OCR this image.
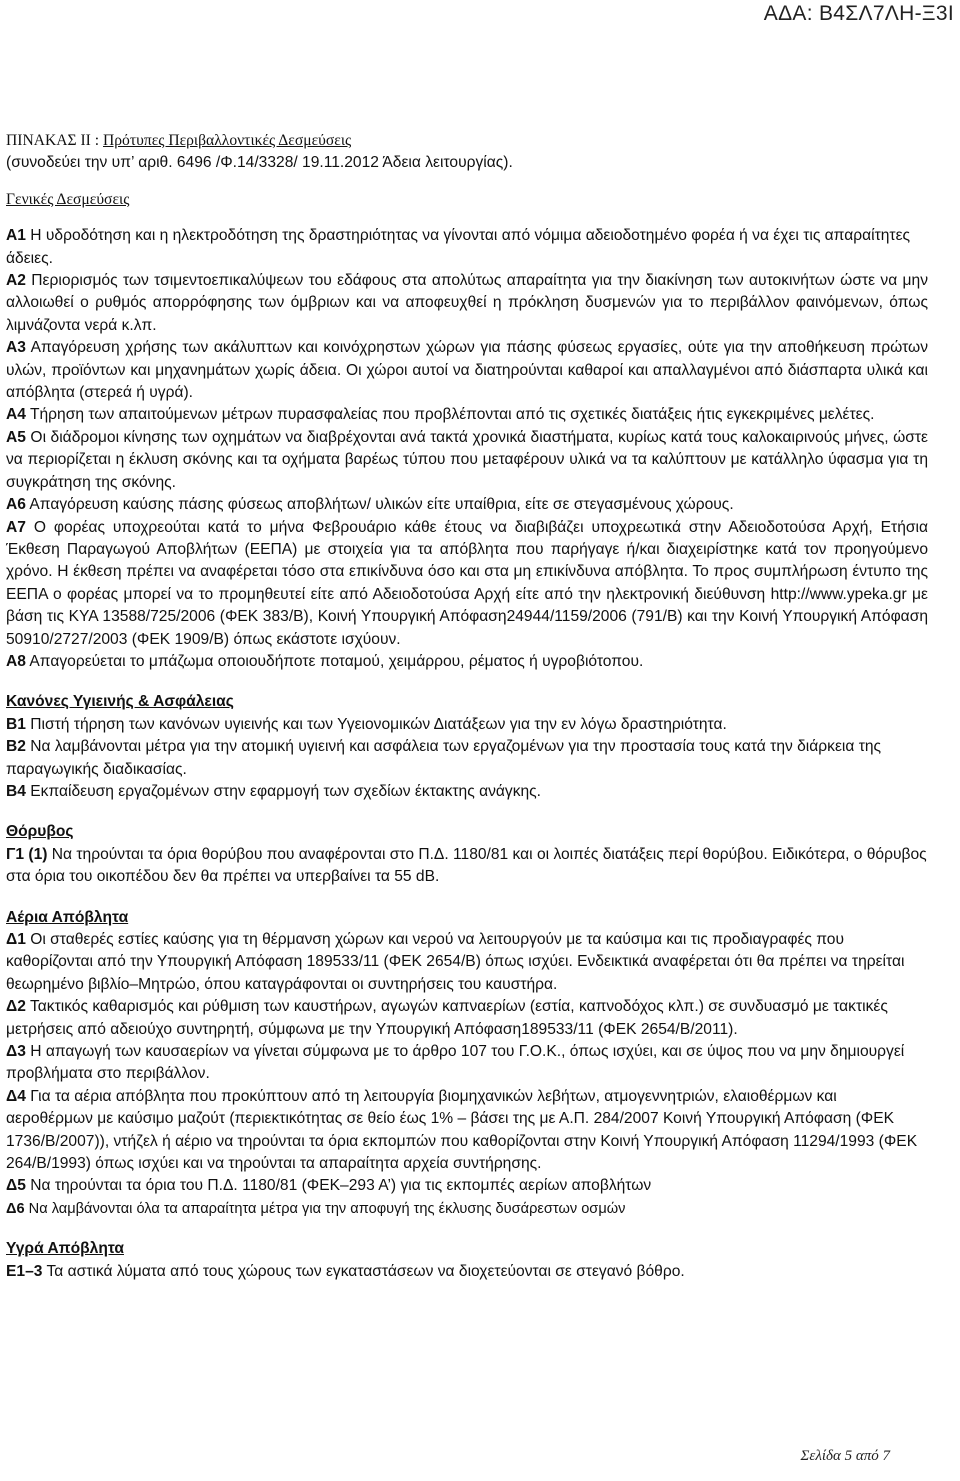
ΑΔΑ: Β4ΣΛ7ΛΗ-Ξ3Ι
ΠΙΝΑΚΑΣ ΙΙ : Πρότυπες Περιβαλλοντικές Δεσμεύσεις
(συνοδεύει την υπ’ αριθ. 6496 /Φ.14/3328/ 19.11.2012 Άδεια λειτουργίας).
Γενικές Δεσμεύσεις

Α1 Η υδροδότηση και η ηλεκτροδότηση της δραστηριότητας να γίνονται από νόμιμα αδειοδοτημένο φορέα ή να έχει τις απαραίτητες άδειες.

Α2 Περιορισμός των τσιμεντοεπικαλύψεων του εδάφους στα απολύτως απαραίτητα για την διακίνηση των αυτοκινήτων ώστε να μην αλλοιωθεί ο ρυθμός απορρόφησης των όμβριων και να αποφευχθεί η πρόκληση δυσμενών για το περιβάλλον φαινόμενων, όπως λιμνάζοντα νερά κ.λπ.

Α3 Απαγόρευση χρήσης των ακάλυπτων και κοινόχρηστων χώρων για πάσης φύσεως εργασίες, ούτε για την αποθήκευση πρώτων υλών, προϊόντων και μηχανημάτων χωρίς άδεια. Οι χώροι αυτοί να διατηρούνται καθαροί και απαλλαγμένοι από διάσπαρτα υλικά και απόβλητα (στερεά ή υγρά).

Α4 Τήρηση των απαιτούμενων μέτρων πυρασφαλείας που προβλέπονται από τις σχετικές διατάξεις ήτις εγκεκριμένες μελέτες.

Α5 Οι διάδρομοι κίνησης των οχημάτων να διαβρέχονται ανά τακτά χρονικά διαστήματα, κυρίως κατά τους καλοκαιρινούς μήνες, ώστε να περιορίζεται η έκλυση σκόνης και τα οχήματα βαρέως τύπου που μεταφέρουν υλικά να τα καλύπτουν με κατάλληλο ύφασμα για τη συγκράτηση της σκόνης.

Α6 Απαγόρευση καύσης πάσης φύσεως αποβλήτων/ υλικών είτε υπαίθρια, είτε σε στεγασμένους χώρους.

Α7 Ο φορέας υποχρεούται κατά το μήνα Φεβρουάριο κάθε έτους να διαβιβάζει υποχρεωτικά στην Αδειοδοτούσα Αρχή, Ετήσια Έκθεση Παραγωγού Αποβλήτων (ΕΕΠΑ) με στοιχεία για τα απόβλητα που παρήγαγε ή/και διαχειρίστηκε κατά τον προηγούμενο χρόνο. Η έκθεση πρέπει να αναφέρεται τόσο στα επικίνδυνα όσο και στα μη επικίνδυνα απόβλητα. Το προς συμπλήρωση έντυπο της ΕΕΠΑ ο φορέας μπορεί να το προμηθευτεί είτε από Αδειοδοτούσα Αρχή είτε από την ηλεκτρονική διεύθυνση http://www.ypeka.gr με βάση τις ΚΥΑ 13588/725/2006 (ΦΕΚ 383/Β), Κοινή Υπουργική Απόφαση24944/1159/2006 (791/Β) και την Κοινή Υπουργική Απόφαση 50910/2727/2003 (ΦΕΚ 1909/Β) όπως εκάστοτε ισχύουν.

Α8 Απαγορεύεται το μπάζωμα οποιουδήποτε ποταμού, χειμάρρου, ρέματος ή υγροβιότοπου.

Κανόνες Υγιεινής & Ασφάλειας

Β1 Πιστή τήρηση των κανόνων υγιεινής και των Υγειονομικών Διατάξεων για την εν λόγω δραστηριότητα.

Β2 Να λαμβάνονται μέτρα για την ατομική υγιεινή και ασφάλεια των εργαζομένων για την προστασία τους κατά την διάρκεια της παραγωγικής διαδικασίας.

Β4 Εκπαίδευση εργαζομένων στην εφαρμογή των σχεδίων έκτακτης ανάγκης.

Θόρυβος

Γ1 (1) Να τηρούνται τα όρια θορύβου που αναφέρονται στο Π.Δ. 1180/81 και οι λοιπές διατάξεις περί θορύβου. Ειδικότερα, ο θόρυβος στα όρια του οικοπέδου δεν θα πρέπει να υπερβαίνει τα 55 dB.

Αέρια Απόβλητα

Δ1 Οι σταθερές εστίες καύσης για τη θέρμανση χώρων και νερού να λειτουργούν με τα καύσιμα και τις προδιαγραφές που καθορίζονται από την Υπουργική Απόφαση 189533/11 (ΦΕΚ 2654/Β) όπως ισχύει. Ενδεικτικά αναφέρεται ότι θα πρέπει να τηρείται θεωρημένο βιβλίο–Μητρώο, όπου καταγράφονται οι συντηρήσεις του καυστήρα.

Δ2 Τακτικός καθαρισμός και ρύθμιση των καυστήρων, αγωγών καπναερίων (εστία, καπνοδόχος κλπ.) σε συνδυασμό με τακτικές μετρήσεις από αδειούχο συντηρητή, σύμφωνα με την Υπουργική Απόφαση189533/11 (ΦΕΚ 2654/Β/2011).

Δ3 Η απαγωγή των καυσαερίων να γίνεται σύμφωνα με το άρθρο 107 του Γ.Ο.Κ., όπως ισχύει, και σε ύψος που να μην δημιουργεί προβλήματα στο περιβάλλον.

Δ4 Για τα αέρια απόβλητα που προκύπτουν από τη λειτουργία βιομηχανικών λεβήτων, ατμογεννητριών, ελαιοθέρμων και αεροθέρμων με καύσιμο μαζούτ (περιεκτικότητας σε θείο έως 1% – βάσει της με Α.Π. 284/2007 Κοινή Υπουργική Απόφαση (ΦΕΚ 1736/Β/2007)), ντήζελ ή αέριο να τηρούνται τα όρια εκπομπών που καθορίζονται στην Κοινή Υπουργική Απόφαση 11294/1993 (ΦΕΚ 264/Β/1993) όπως ισχύει και να τηρούνται τα απαραίτητα αρχεία συντήρησης.

Δ5 Να τηρούνται τα όρια του Π.Δ. 1180/81 (ΦΕΚ–293 Α’) για τις εκπομπές αερίων αποβλήτων

Δ6 Να λαμβάνονται όλα τα απαραίτητα μέτρα για την αποφυγή της έκλυσης δυσάρεστων οσμών

Υγρά Απόβλητα

Ε1–3 Τα αστικά λύματα από τους χώρους των εγκαταστάσεων να διοχετεύονται σε στεγανό βόθρο.

Σελίδα 5 από 7
